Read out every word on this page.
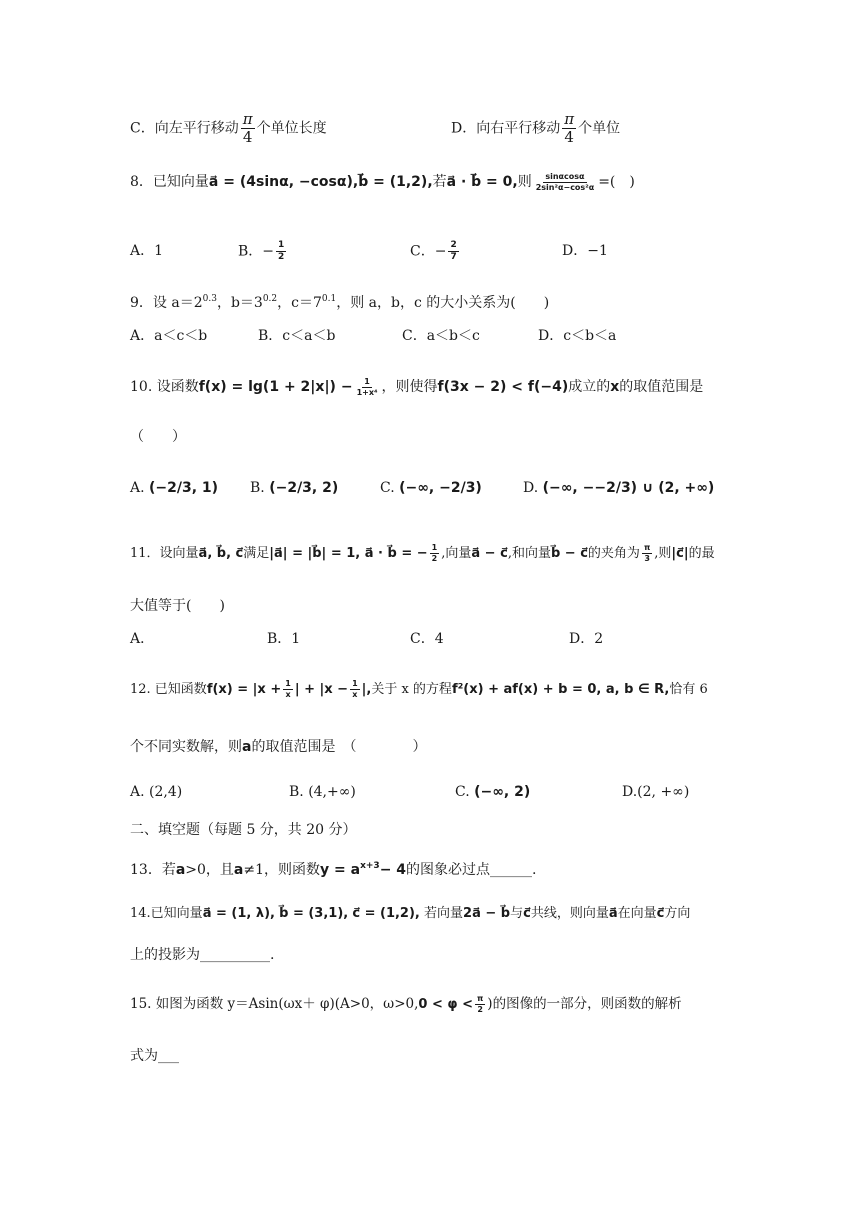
C．向左平行移动 $\frac{\pi}{4}$ 个单位长度	D．向右平行移动 $\frac{\pi}{4}$ 个单位
8．已知向量a⃗ = (4sinα, −cosα),b⃗ = (1,2),若a⃗ · b⃗ = 0,则 $\frac{\sin\alpha\cos\alpha}{\text{2sin²α−cos²α}}$ =(　)
A．1	B．− $\frac{1}{2}$	C．− $\frac{2}{7}$	D．−1
9．设 $a=2^{0.3}$，$b=3^{0.2}$，$c=7^{0.1}$，则 a，b，c 的大小关系为(　　)
A．a＜c＜b	B．c＜a＜b	C．a＜b＜c	D．c＜b＜a
10. 设函数$f(x) = \lg(1 + 2|x|) - \frac{1}{\text{1+x⁴}}$ ，则使得f(3x − 2) < f(−4)成立的x的取值范围是
（　　）
A. (−2/3, 1) B. (−2/3, 2)	C. (−∞, −2/3)	D. (−∞, −−2/3) ∪ (2, +∞)
11．设向量a⃗, b⃗, c⃗满足|a⃗| = |b⃗| = 1, a⃗ · b⃗ = − $\frac{1}{2}$ ,向量a⃗ − c⃗,和向量b⃗ − c⃗的夹角为 $\frac{\pi}{3}$ ,则|c⃗|的最
大值等于(　　)
A．	B．1	C．4	D．2
12. 已知函数$f(x) = |x + \frac{1}{x}$ | + $|x - \frac{1}{x}$ |,关于 x 的方程f²(x) + af(x) + b = 0, a, b ∈ R,恰有 6
个不同实数解，则a的取值范围是　（　　　　）
A. (2,4)	B. (4,+∞)	C. (−∞, 2)	D.(2, +∞)
二、填空题（每题 5 分，共 20 分）
13．若a>0，且a≠1，则函数$y = a^{x+3}- 4$的图象必过点______.
14.已知向量a⃗ = (1, λ), b⃗ = (3,1), c⃗ = (1,2), 若向量2a⃗ − b⃗与c⃗共线，则向量a⃗在向量c⃗方向
上的投影为__________.
15. 如图为函数 y＝Asin(ωx＋ φ)(A>0，$\omega>0,0 < \varphi < \frac{\pi}{2}$ )的图像的一部分，则函数的解析
式为___
